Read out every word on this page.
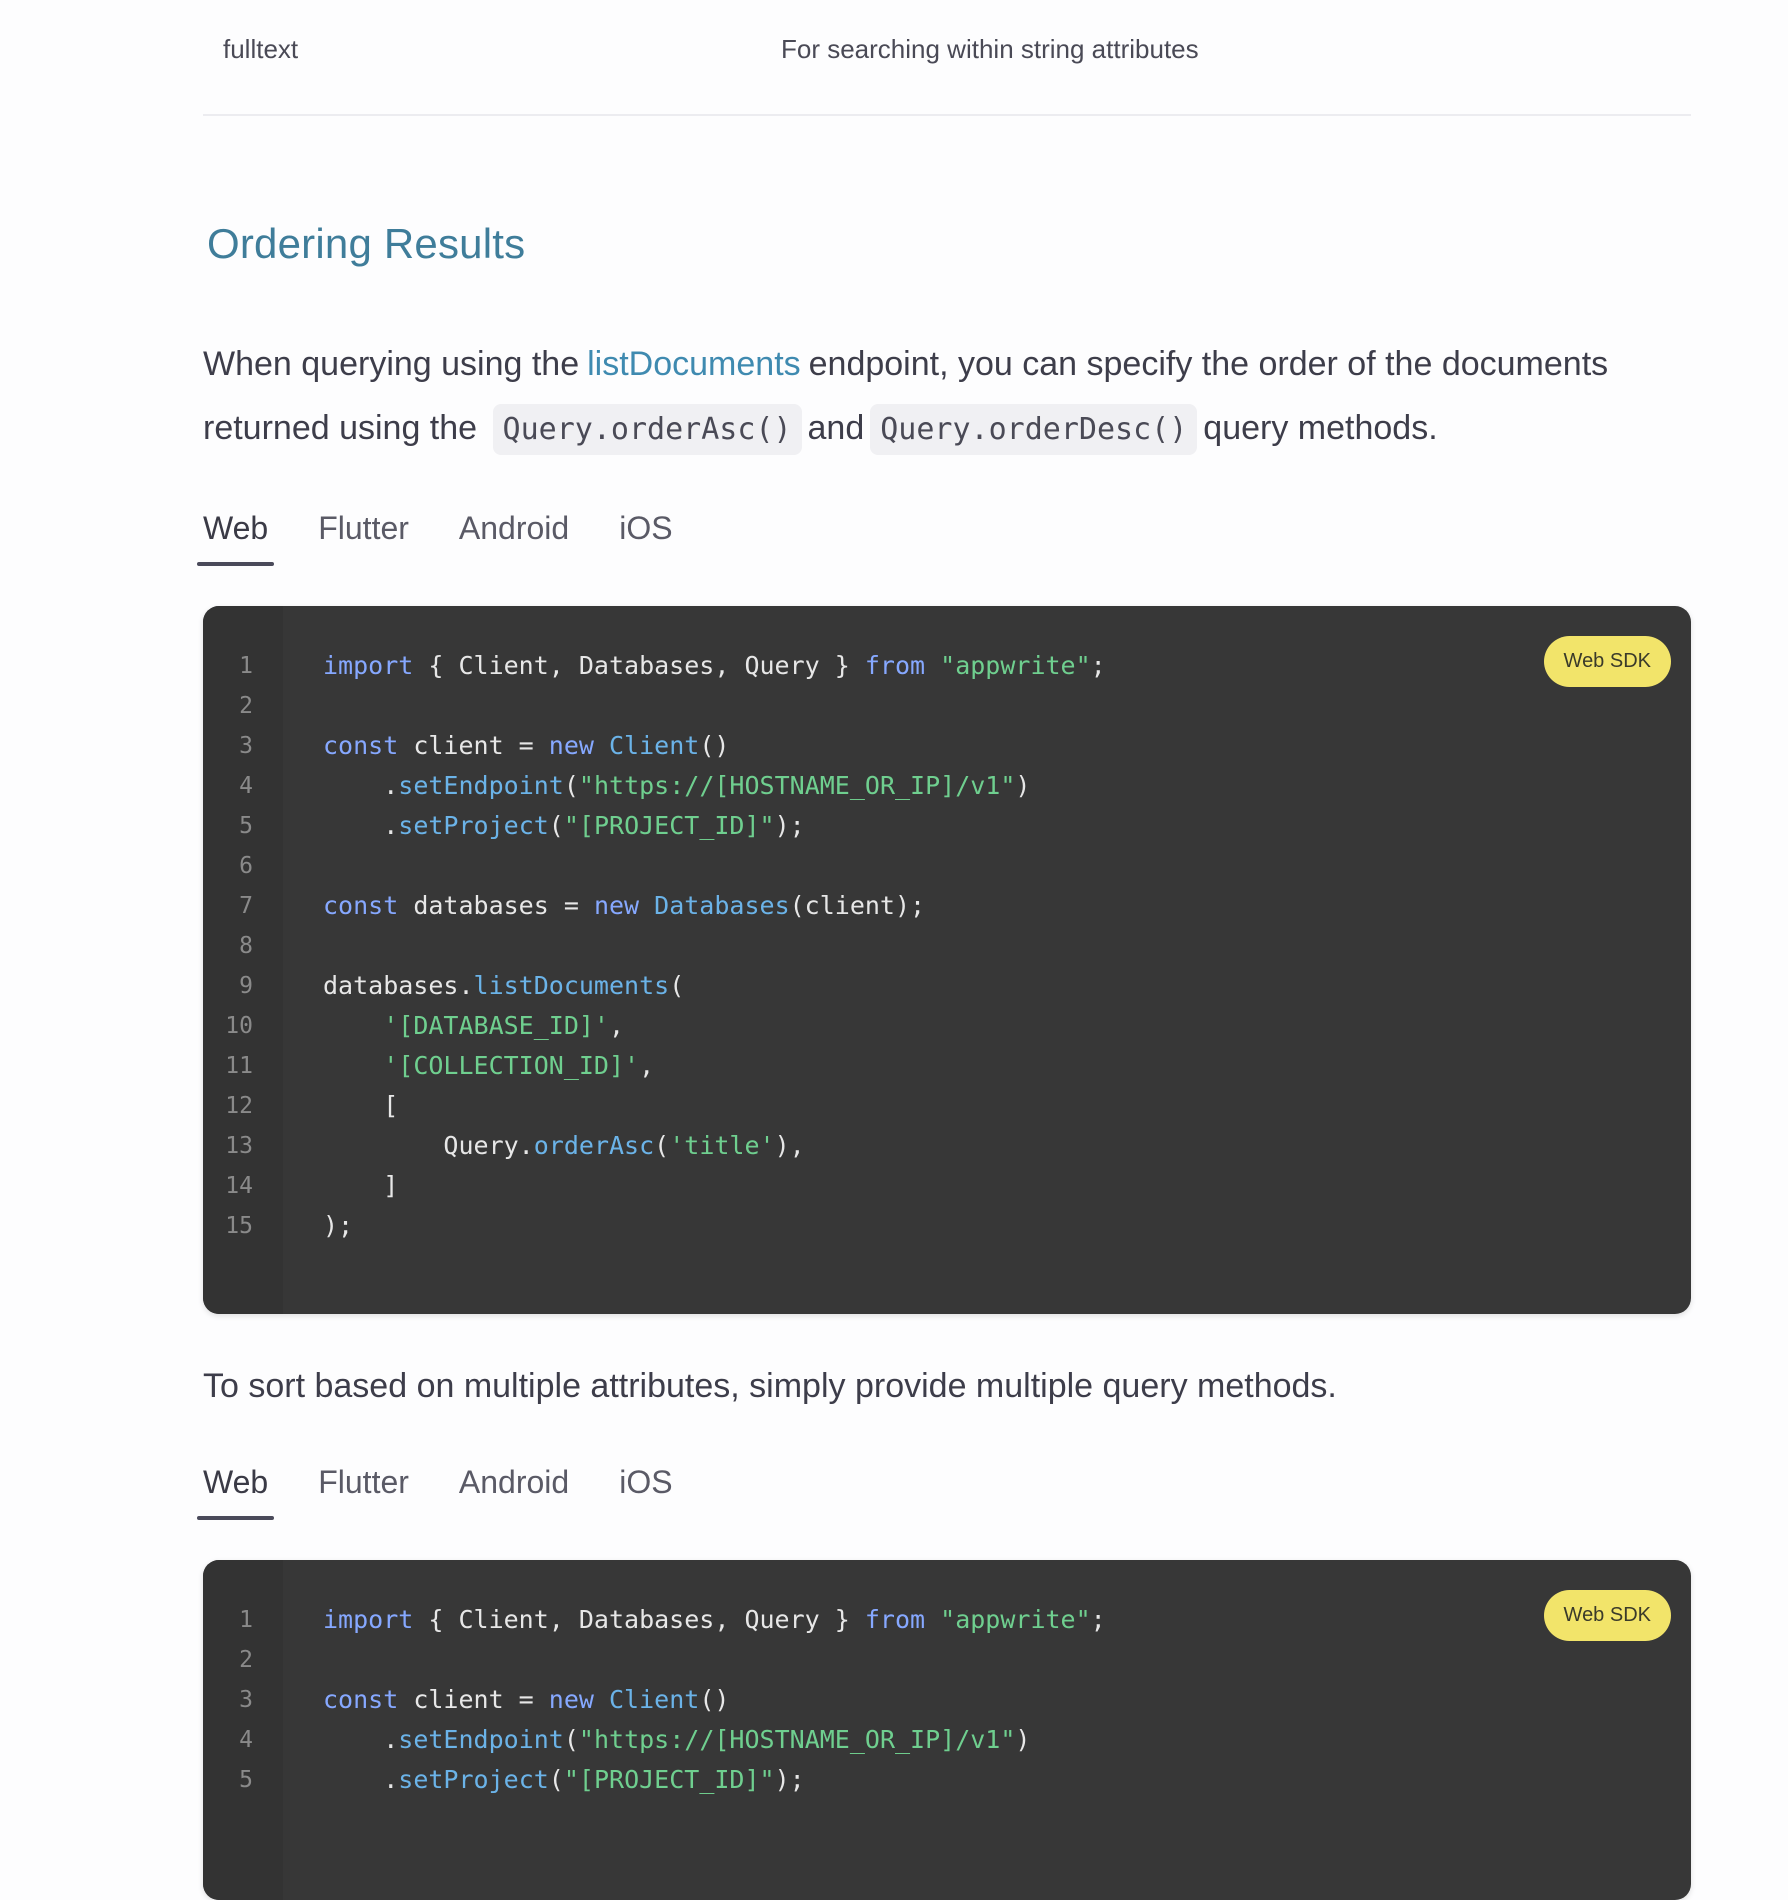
fulltext	For searching within string attributes
Ordering Results
When querying using the listDocuments endpoint, you can specify the order of the documents returned using the Query.orderAsc() and Query.orderDesc() query methods.
Web Flutter Android iOS
Web SDK
1	import { Client, Databases, Query } from "appwrite";
2
3	const client = new Client()
4	.setEndpoint("https://[HOSTNAME_OR_IP]/v1")
5	.setProject("[PROJECT_ID]");
6
7	const databases = new Databases(client);
8
9	databases.listDocuments(
10	'[DATABASE_ID]',
11	'[COLLECTION_ID]',
12	[
13	Query.orderAsc('title'),
14	]
15	);
To sort based on multiple attributes, simply provide multiple query methods.
Web Flutter Android iOS
Web SDK
1	import { Client, Databases, Query } from "appwrite";
2
3	const client = new Client()
4	.setEndpoint("https://[HOSTNAME_OR_IP]/v1")
5	.setProject("[PROJECT_ID]");
